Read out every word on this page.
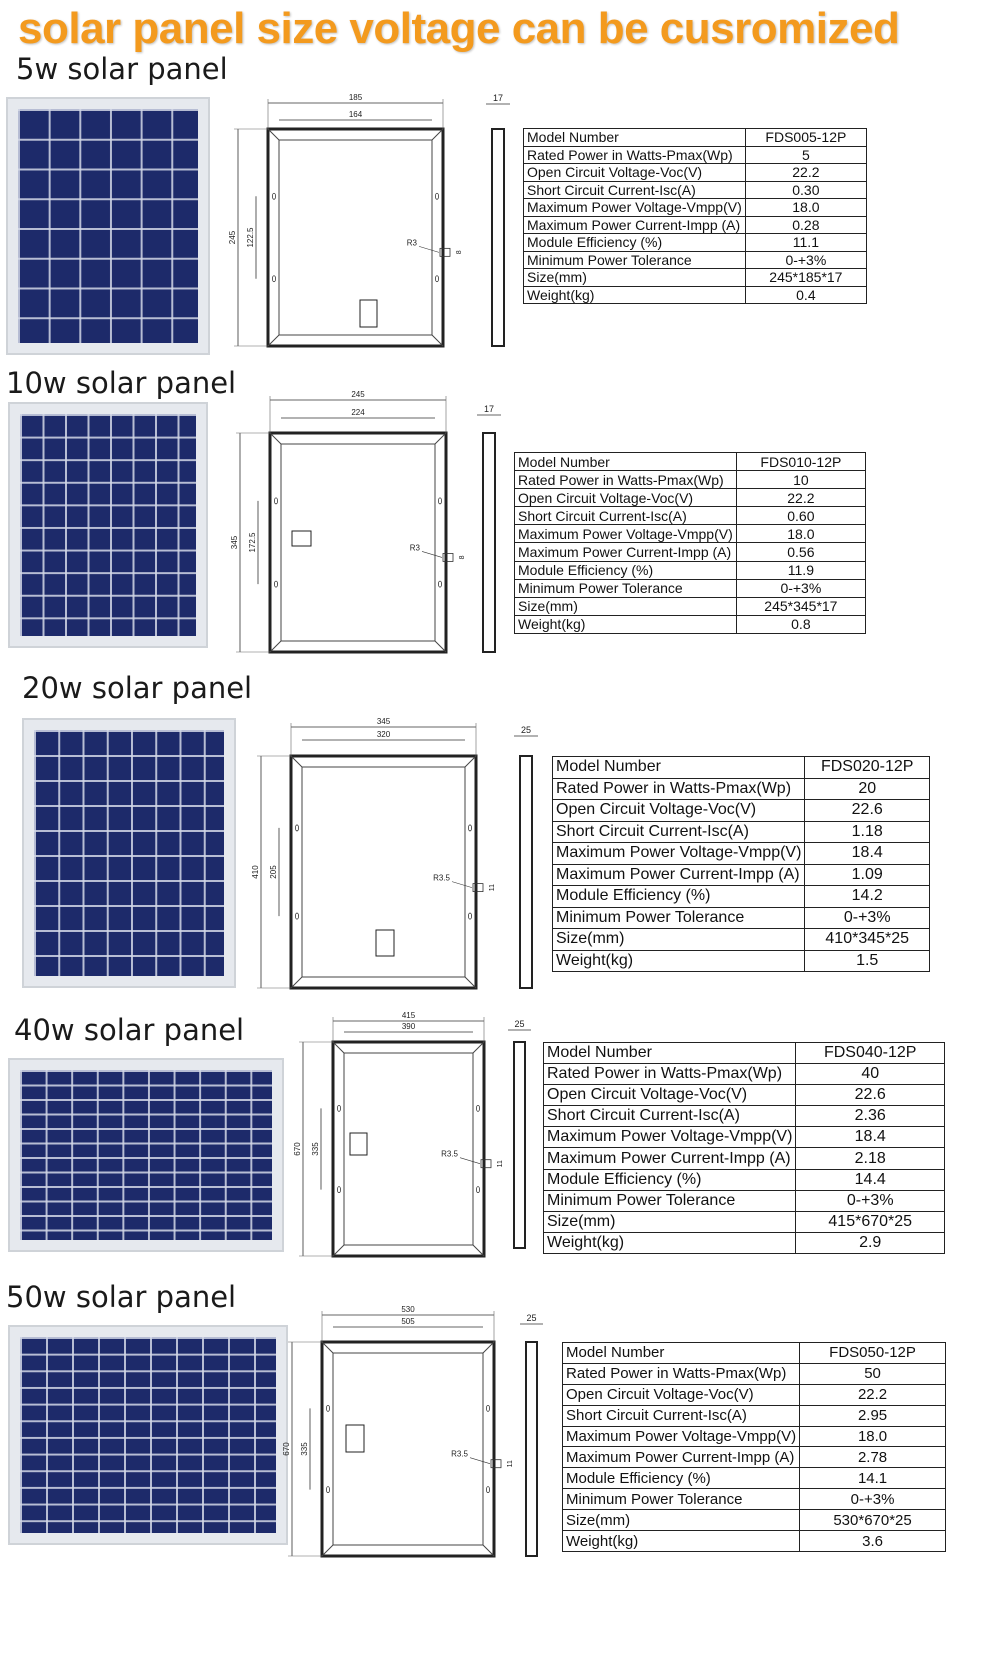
solar panel size voltage can be cusromized
5w solar panel
185
164
245 122.5	R3
8
17
Model Number	FDS005-12P
Rated Power in Watts-Pmax(Wp)	5
Open Circuit Voltage-Voc(V)	22.2
Short Circuit Current-Isc(A)	0.30
Maximum Power Voltage-Vmpp(V)	18.0
Maximum Power Current-Impp (A)	0.28
Module Efficiency (%)	11.1
Minimum Power Tolerance	0-+3%
Size(mm)	245*185*17
Weight(kg)	0.4
10w solar panel	245
224
345 172.5	R3
8
17
Model Number	FDS010-12P
Rated Power in Watts-Pmax(Wp)	10
Open Circuit Voltage-Voc(V)	22.2
Short Circuit Current-Isc(A)	0.60
Maximum Power Voltage-Vmpp(V)	18.0
Maximum Power Current-Impp (A)	0.56
Module Efficiency (%)	11.9
Minimum Power Tolerance	0-+3%
Size(mm)	245*345*17
Weight(kg)	0.8
20w solar panel
345
320
410 205	R3.5
11
25
Model Number	FDS020-12P
Rated Power in Watts-Pmax(Wp)	20
Open Circuit Voltage-Voc(V)	22.6
Short Circuit Current-Isc(A)	1.18
Maximum Power Voltage-Vmpp(V)	18.4
Maximum Power Current-Impp (A)	1.09
Module Efficiency (%)	14.2
Minimum Power Tolerance	0-+3%
Size(mm)	410*345*25
Weight(kg)	1.5
40w solar panel	415
390
670 335	R3.5
11
25
Model Number	FDS040-12P
Rated Power in Watts-Pmax(Wp)	40
Open Circuit Voltage-Voc(V)	22.6
Short Circuit Current-Isc(A)	2.36
Maximum Power Voltage-Vmpp(V)	18.4
Maximum Power Current-Impp (A)	2.18
Module Efficiency (%)	14.4
Minimum Power Tolerance	0-+3%
Size(mm)	415*670*25
Weight(kg)	2.9
50w solar panel	530
505
670 335	R3.5
11
25
Model Number	FDS050-12P
Rated Power in Watts-Pmax(Wp)	50
Open Circuit Voltage-Voc(V)	22.2
Short Circuit Current-Isc(A)	2.95
Maximum Power Voltage-Vmpp(V)	18.0
Maximum Power Current-Impp (A)	2.78
Module Efficiency (%)	14.1
Minimum Power Tolerance	0-+3%
Size(mm)	530*670*25
Weight(kg)	3.6
